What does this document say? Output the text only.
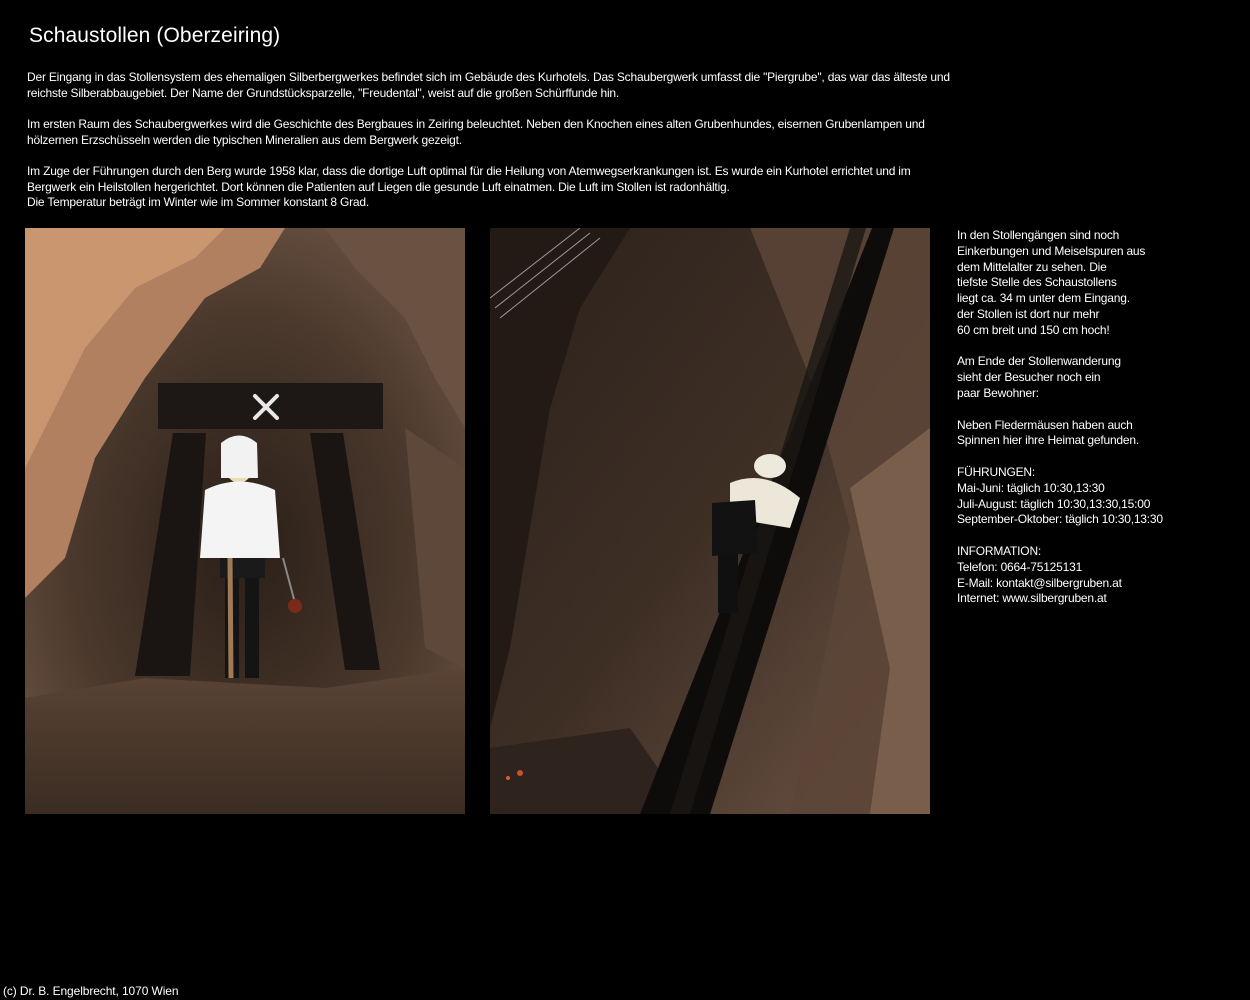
Schaustollen (Oberzeiring)

Der Eingang in das Stollensystem des ehemaligen Silberbergwerkes befindet sich im Gebäude des Kurhotels. Das Schaubergwerk umfasst die "Piergrube", das war das älteste und reichste Silberabbaugebiet. Der Name der Grundstücksparzelle, "Freudental", weist auf die großen Schürffunde hin.

Im ersten Raum des Schaubergwerkes wird die Geschichte des Bergbaues in Zeiring beleuchtet. Neben den Knochen eines alten Grubenhundes, eisernen Grubenlampen und hölzernen Erzschüsseln werden die typischen Mineralien aus dem Bergwerk gezeigt.

Im Zuge der Führungen durch den Berg wurde 1958 klar, dass die dortige Luft optimal für die Heilung von Atemwegserkrankungen ist. Es wurde ein Kurhotel errichtet und im Bergwerk ein Heilstollen hergerichtet. Dort können die Patienten auf Liegen die gesunde Luft einatmen. Die Luft im Stollen ist radonhältig.

Die Temperatur beträgt im Winter wie im Sommer konstant 8 Grad.

In den Stollengängen sind noch
Einkerbungen und Meiselspuren aus
dem Mittelalter zu sehen. Die
tiefste Stelle des Schaustollens
liegt ca. 34 m unter dem Eingang.
der Stollen ist dort nur mehr
60 cm breit und 150 cm hoch!
Am Ende der Stollenwanderung
sieht der Besucher noch ein
paar Bewohner:
Neben Fledermäusen haben auch
Spinnen hier ihre Heimat gefunden.
FÜHRUNGEN:
Mai-Juni: täglich 10:30,13:30
Juli-August: täglich 10:30,13:30,15:00
September-Oktober: täglich 10:30,13:30
INFORMATION:
Telefon: 0664-75125131
E-Mail: kontakt@silbergruben.at
Internet: www.silbergruben.at
(c) Dr. B. Engelbrecht, 1070 Wien
